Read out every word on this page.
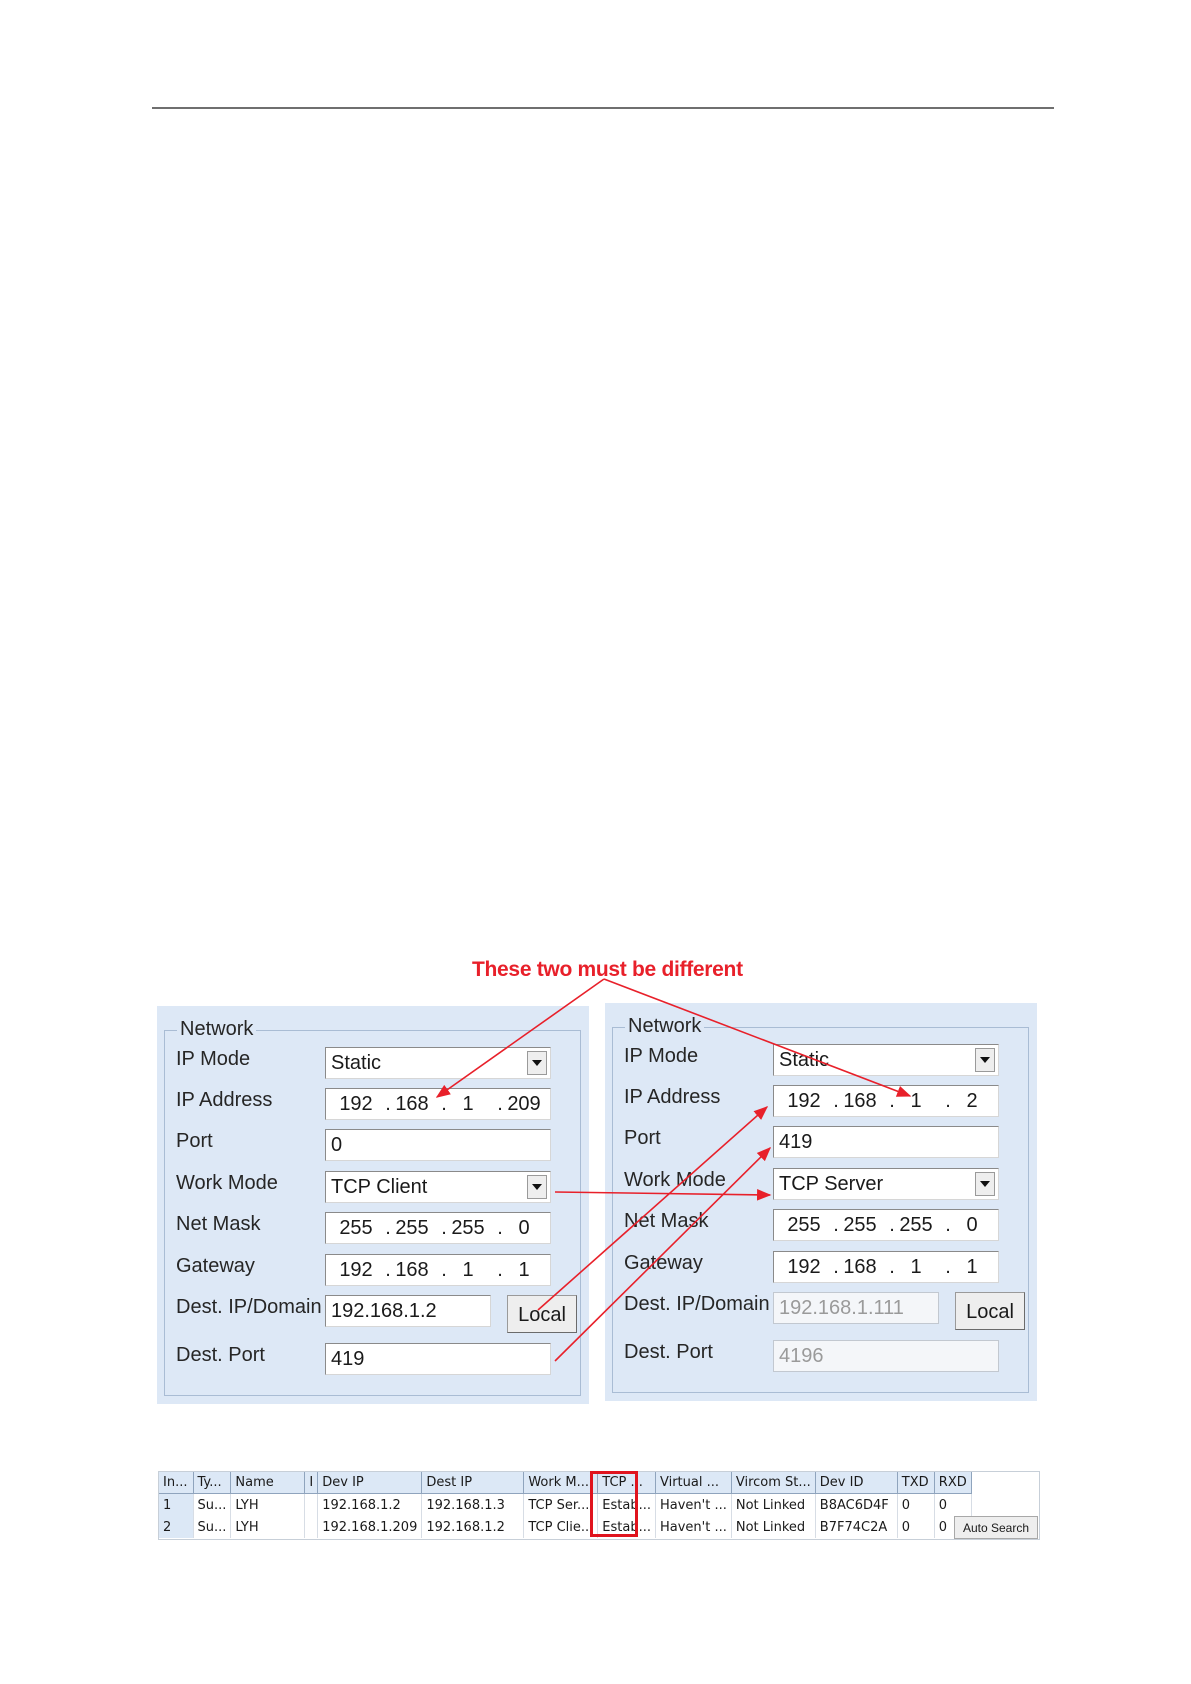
These two must be different
Network
IP Mode	Static
IP Address	192 . 168 . 1	. 209
Port	0
Work Mode	TCP Client
Net Mask	255 . 255 . 255 . 0
Gateway	192 . 168 . 1	. 1
Dest. IP/Domain 192.168.1.2	Local
Dest. Port	419
Network
IP Mode	Static
IP Address	192 . 168 . 1	. 2
Port	419
Work Mode	TCP Server
Net Mask	255 . 255 . 255 . 0
Gateway	192 . 168 . 1	. 1
Dest. IP/Domain 192.168.1.111	Local
Dest. Port	4196
In...	Ty...	Name	I	Dev IP	Dest IP	Work M...	TCP ...	Virtual ...	Vircom St...	Dev ID	TXD	RXD
1	Su...	LYH		192.168.1.2	192.168.1.3	TCP Ser...	Estab...	Haven't ...	Not Linked	B8AC6D4F	0	0
2	Su...	LYH		192.168.1.209	192.168.1.2	TCP Clie...	Estab...	Haven't ...	Not Linked	B7F74C2A	0	0	Auto Search
